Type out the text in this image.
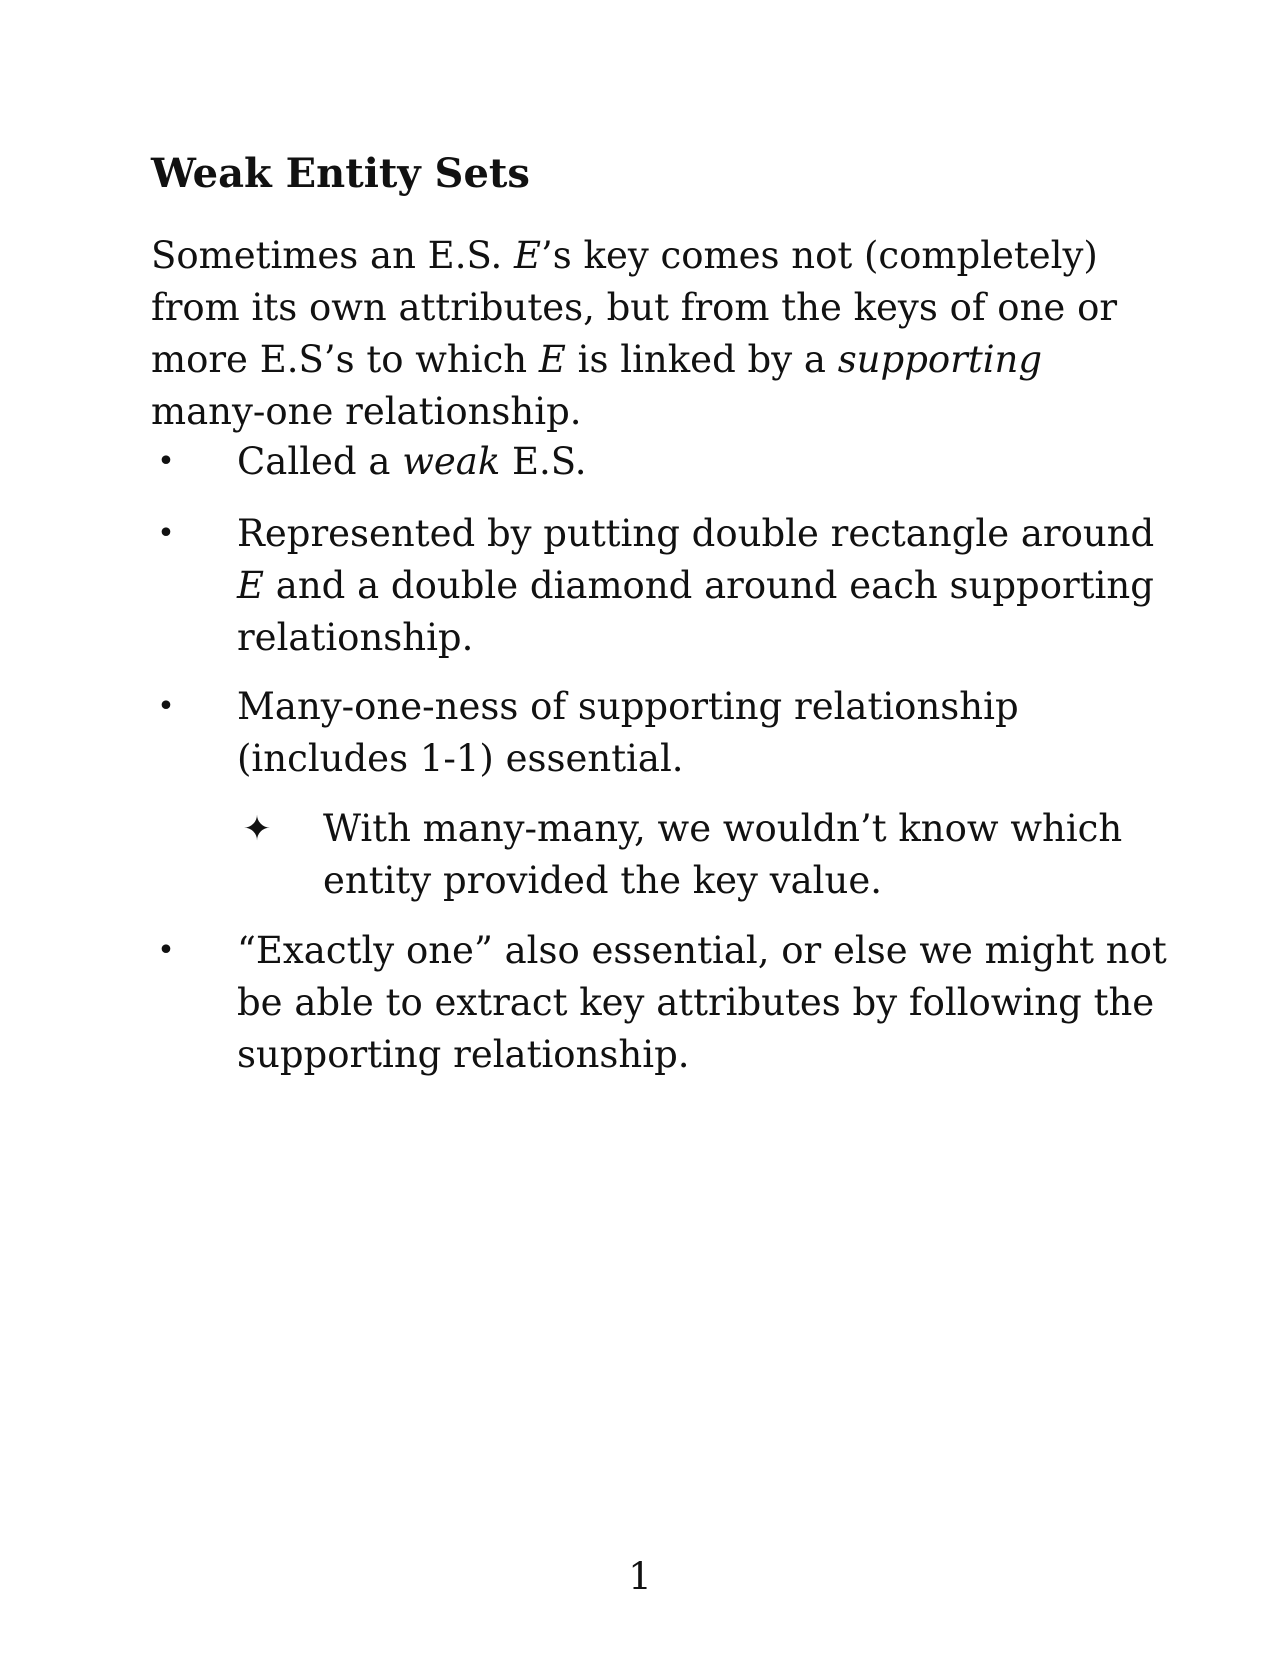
Weak Entity Sets

Sometimes an E.S. E’s key comes not (completely) from its own attributes, but from the keys of one or more E.S’s to which E is linked by a supporting many-one relationship.

• Called a weak E.S.
• Represented by putting double rectangle around E and a double diamond around each supporting relationship.
• Many-one-ness of supporting relationship (includes 1-1) essential.
✦ With many-many, we wouldn’t know which entity provided the key value.
• “Exactly one” also essential, or else we might not be able to extract key attributes by following the supporting relationship.
1
